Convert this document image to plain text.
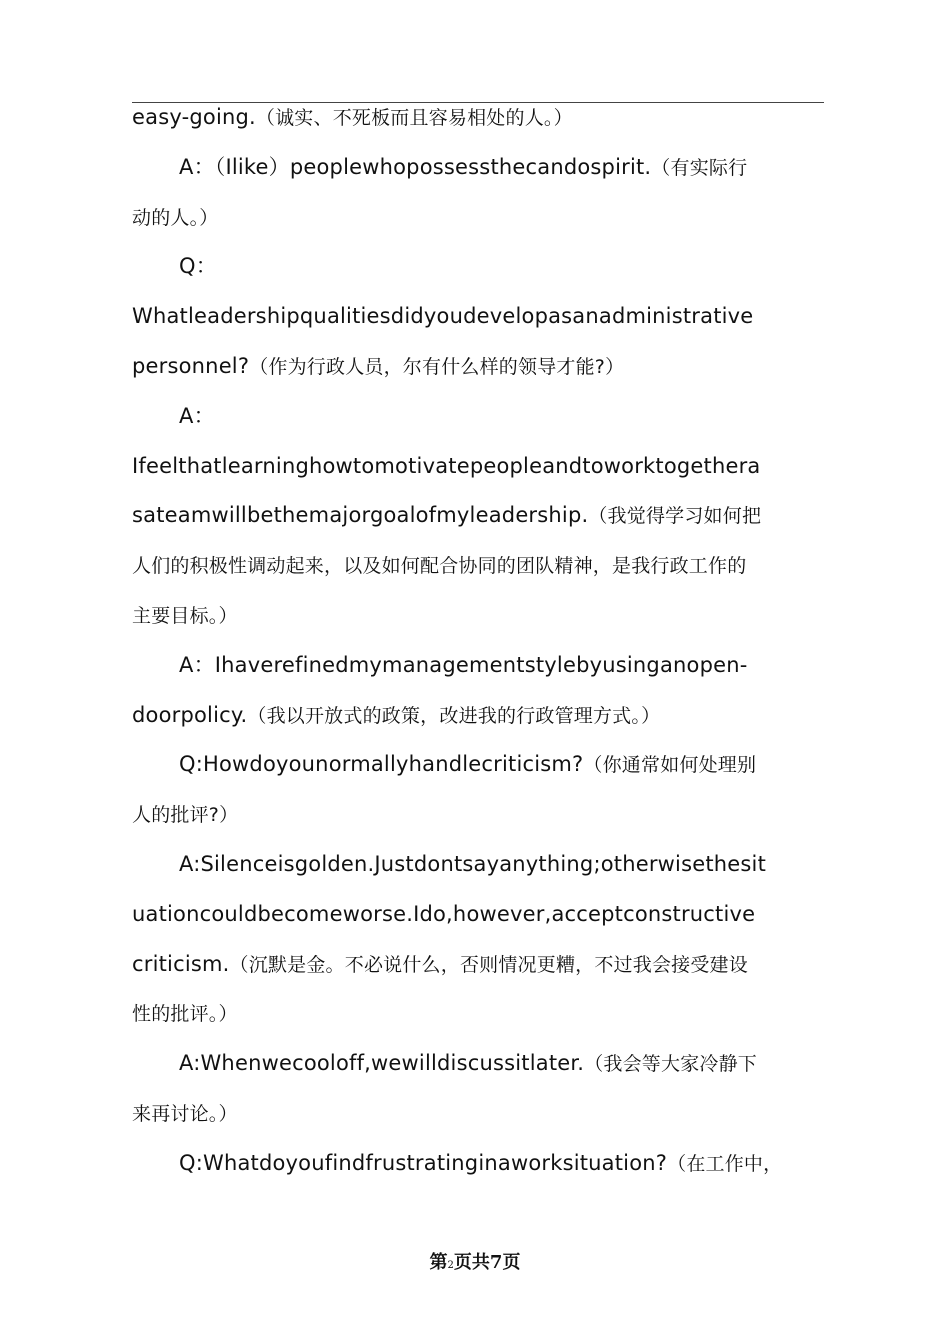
easy-going.（诚实、不死板而且容易相处的人。）
A：（Ilike）peoplewhopossessthecandospirit.（有实际行
动的人。）
Q：
Whatleadershipqualitiesdidyoudevelopasanadministrative
personnel?（作为行政人员，尔有什么样的领导才能?）
A：
Ifeelthatlearninghowtomotivatepeopleandtoworktogethera
sateamwillbethemajorgoalofmyleadership.（我觉得学习如何把
人们的积极性调动起来，以及如何配合协同的团队精神，是我行政工作的
主要目标。）
A：Ihaverefinedmymanagementstylebyusinganopen-
doorpolicy.（我以开放式的政策，改进我的行政管理方式。）
Q:Howdoyounormallyhandlecriticism?（你通常如何处理别
人的批评?）
A:Silenceisgolden.Justdontsayanything;otherwisethesit
uationcouldbecomeworse.Ido,however,acceptconstructive
criticism.（沉默是金。不必说什么，否则情况更糟，不过我会接受建设
性的批评。）
A:Whenwecooloff,wewilldiscussitlater.（我会等大家冷静下
来再讨论。）
Q:Whatdoyoufindfrustratinginaworksituation?（在工作中，
第2页共7页
